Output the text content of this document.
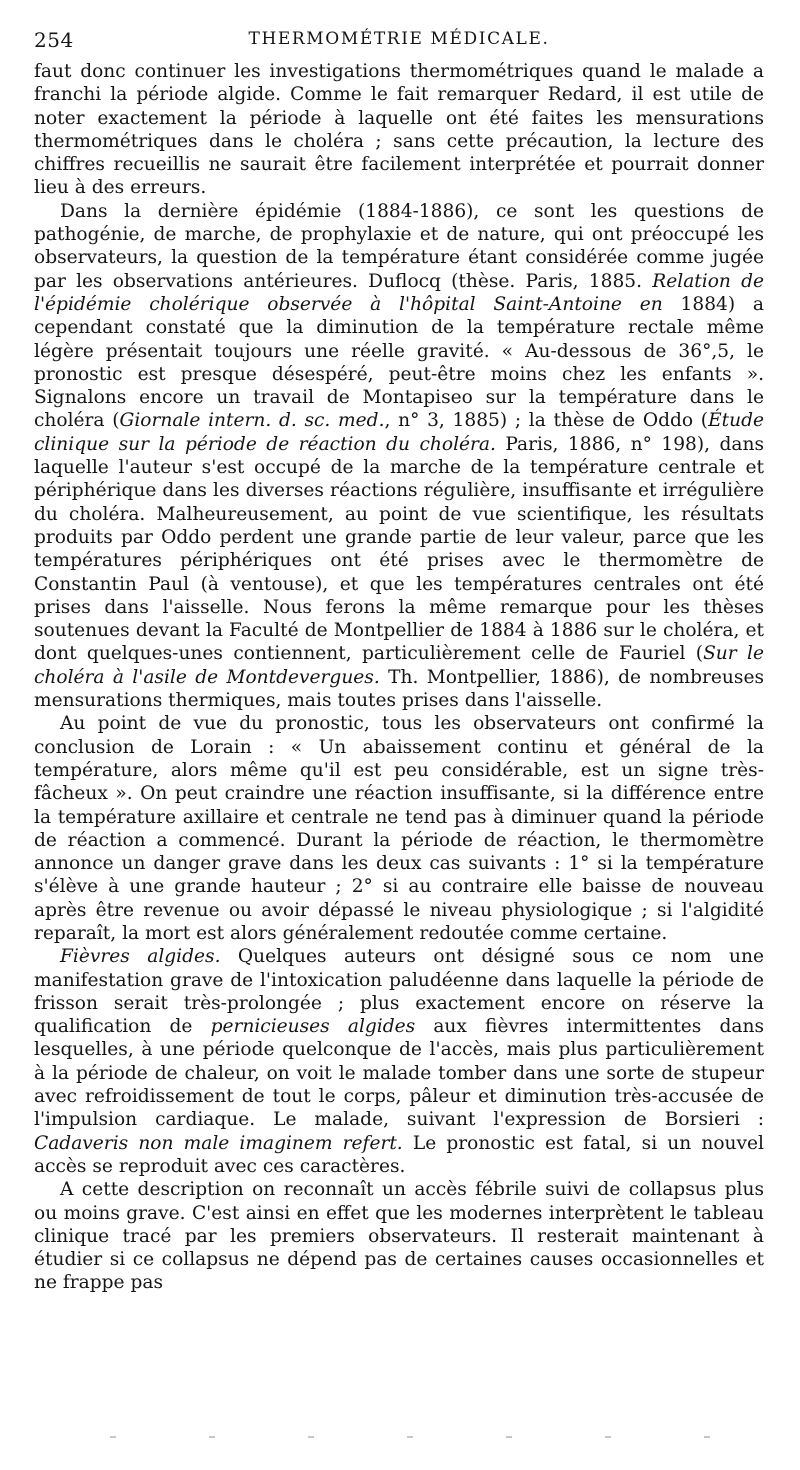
254	THERMOMÉTRIE MÉDICALE.

faut donc continuer les investigations thermométriques quand le malade a franchi la période algide. Comme le fait remarquer Redard, il est utile de noter exactement la période à laquelle ont été faites les mensurations thermométriques dans le choléra ; sans cette précaution, la lecture des chiffres recueillis ne saurait être facilement interprétée et pourrait donner lieu à des erreurs.

Dans la dernière épidémie (1884-1886), ce sont les questions de pathogénie, de marche, de prophylaxie et de nature, qui ont préoccupé les observateurs, la question de la température étant considérée comme jugée par les observations antérieures. Duflocq (thèse. Paris, 1885. Relation de l'épidémie cholérique observée à l'hôpital Saint-Antoine en 1884) a cependant constaté que la diminution de la température rectale même légère présentait toujours une réelle gravité. « Au-dessous de 36°,5, le pronostic est presque désespéré, peut-être moins chez les enfants ». Signalons encore un travail de Montapiseo sur la température dans le choléra (Giornale intern. d. sc. med., n° 3, 1885) ; la thèse de Oddo (Étude clinique sur la période de réaction du choléra. Paris, 1886, n° 198), dans laquelle l'auteur s'est occupé de la marche de la température centrale et périphérique dans les diverses réactions régulière, insuffisante et irrégulière du choléra. Malheureusement, au point de vue scientifique, les résultats produits par Oddo perdent une grande partie de leur valeur, parce que les températures périphériques ont été prises avec le thermomètre de Constantin Paul (à ventouse), et que les températures centrales ont été prises dans l'aisselle. Nous ferons la même remarque pour les thèses soutenues devant la Faculté de Montpellier de 1884 à 1886 sur le choléra, et dont quelques-unes contiennent, particulièrement celle de Fauriel (Sur le choléra à l'asile de Montdevergues. Th. Montpellier, 1886), de nombreuses mensurations thermiques, mais toutes prises dans l'aisselle.

Au point de vue du pronostic, tous les observateurs ont confirmé la conclusion de Lorain : « Un abaissement continu et général de la température, alors même qu'il est peu considérable, est un signe très-fâcheux ». On peut craindre une réaction insuffisante, si la différence entre la température axillaire et centrale ne tend pas à diminuer quand la période de réaction a commencé. Durant la période de réaction, le thermomètre annonce un danger grave dans les deux cas suivants : 1° si la température s'élève à une grande hauteur ; 2° si au contraire elle baisse de nouveau après être revenue ou avoir dépassé le niveau physiologique ; si l'algidité reparaît, la mort est alors généralement redoutée comme certaine.

Fièvres algides. Quelques auteurs ont désigné sous ce nom une manifestation grave de l'intoxication paludéenne dans laquelle la période de frisson serait très-prolongée ; plus exactement encore on réserve la qualification de pernicieuses algides aux fièvres intermittentes dans lesquelles, à une période quelconque de l'accès, mais plus particulièrement à la période de chaleur, on voit le malade tomber dans une sorte de stupeur avec refroidissement de tout le corps, pâleur et diminution très-accusée de l'impulsion cardiaque. Le malade, suivant l'expression de Borsieri : Cadaveris non male imaginem refert. Le pronostic est fatal, si un nouvel accès se reproduit avec ces caractères.

A cette description on reconnaît un accès fébrile suivi de collapsus plus ou moins grave. C'est ainsi en effet que les modernes interprètent le tableau clinique tracé par les premiers observateurs. Il resterait maintenant à étudier si ce collapsus ne dépend pas de certaines causes occasionnelles et ne frappe pas
